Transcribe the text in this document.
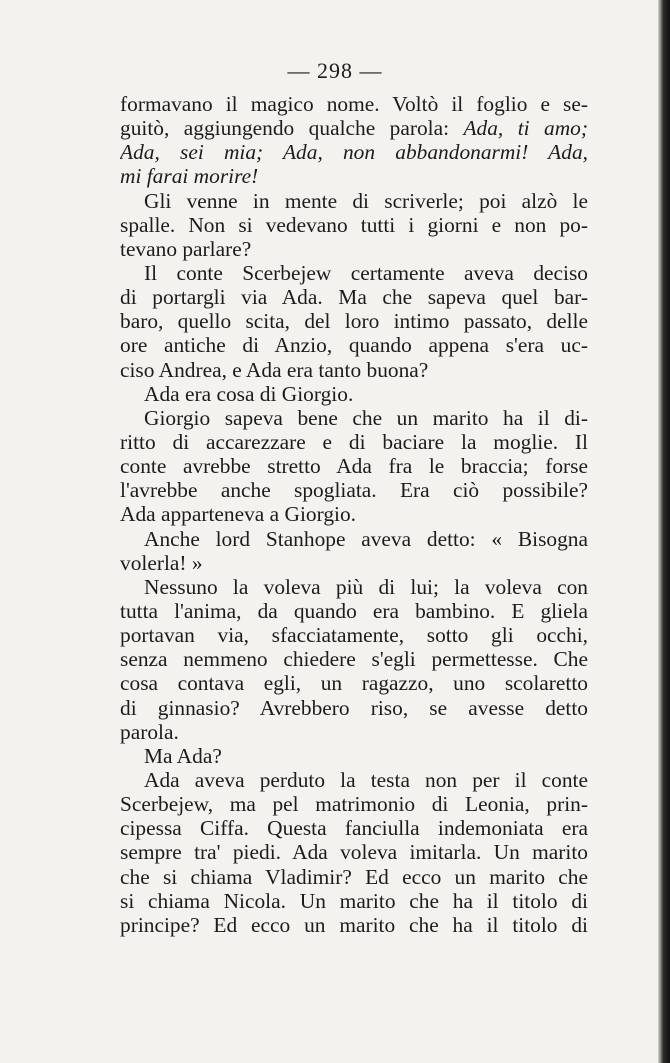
— 298 —
formavano il magico nome. Voltò il foglio e se-
guitò, aggiungendo qualche parola: Ada, ti amo;
Ada, sei mia; Ada, non abbandonarmi! Ada,
mi farai morire!
Gli venne in mente di scriverle; poi alzò le
spalle. Non si vedevano tutti i giorni e non po-
tevano parlare?
Il conte Scerbejew certamente aveva deciso
di portargli via Ada. Ma che sapeva quel bar-
baro, quello scita, del loro intimo passato, delle
ore antiche di Anzio, quando appena s'era uc-
ciso Andrea, e Ada era tanto buona?
Ada era cosa di Giorgio.
Giorgio sapeva bene che un marito ha il di-
ritto di accarezzare e di baciare la moglie. Il
conte avrebbe stretto Ada fra le braccia; forse
l'avrebbe anche spogliata. Era ciò possibile?
Ada apparteneva a Giorgio.
Anche lord Stanhope aveva detto: « Bisogna
volerla! »
Nessuno la voleva più di lui; la voleva con
tutta l'anima, da quando era bambino. E gliela
portavan via, sfacciatamente, sotto gli occhi,
senza nemmeno chiedere s'egli permettesse. Che
cosa contava egli, un ragazzo, uno scolaretto
di ginnasio? Avrebbero riso, se avesse detto
parola.
Ma Ada?
Ada aveva perduto la testa non per il conte
Scerbejew, ma pel matrimonio di Leonia, prin-
cipessa Ciffa. Questa fanciulla indemoniata era
sempre tra' piedi. Ada voleva imitarla. Un marito
che si chiama Vladimir? Ed ecco un marito che
si chiama Nicola. Un marito che ha il titolo di
principe? Ed ecco un marito che ha il titolo di
